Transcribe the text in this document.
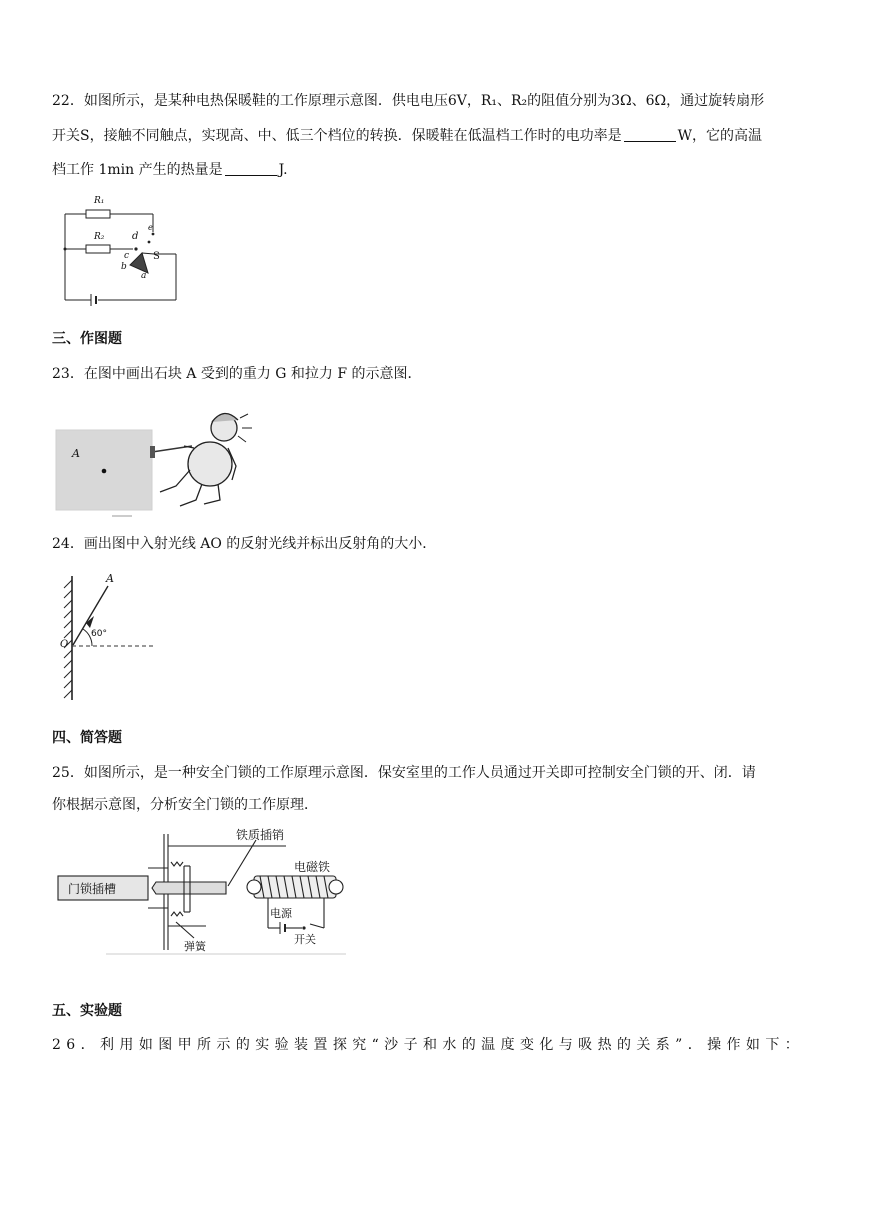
22．如图所示，是某种电热保暖鞋的工作原理示意图．供电电压6V，R₁、R₂的阻值分别为3Ω、6Ω，通过旋转扇形
开关S，接触不同触点，实现高、中、低三个档位的转换．保暖鞋在低温档工作时的电功率是	W，它的高温
档工作 1min 产生的热量是	J.
R₁
R₂	d
e
c
b
a
S
三、作图题
23．在图中画出石块 A 受到的重力 G 和拉力 F 的示意图．
A
24．画出图中入射光线 AO 的反射光线并标出反射角的大小．
A
O
60°
四、简答题
25．如图所示，是一种安全门锁的工作原理示意图．保安室里的工作人员通过开关即可控制安全门锁的开、闭．请
你根据示意图，分析安全门锁的工作原理．
铁质插销
电磁铁
门锁插槽
电源
开关
弹簧
五、实验题
26．利用如图甲所示的实验装置探究“沙子和水的温度变化与吸热的关系”．操作如下：
